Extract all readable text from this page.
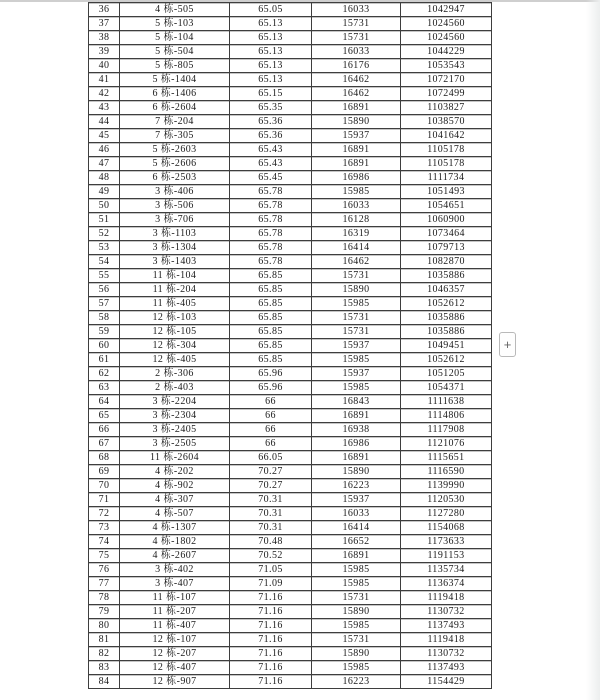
36	4 栋-505	65.05	16033	1042947
37	5 栋-103	65.13	15731	1024560
38	5 栋-104	65.13	15731	1024560
39	5 栋-504	65.13	16033	1044229
40	5 栋-805	65.13	16176	1053543
41	5 栋-1404	65.13	16462	1072170
42	6 栋-1406	65.15	16462	1072499
43	6 栋-2604	65.35	16891	1103827
44	7 栋-204	65.36	15890	1038570
45	7 栋-305	65.36	15937	1041642
46	5 栋-2603	65.43	16891	1105178
47	5 栋-2606	65.43	16891	1105178
48	6 栋-2503	65.45	16986	1111734
49	3 栋-406	65.78	15985	1051493
50	3 栋-506	65.78	16033	1054651
51	3 栋-706	65.78	16128	1060900
52	3 栋-1103	65.78	16319	1073464
53	3 栋-1304	65.78	16414	1079713
54	3 栋-1403	65.78	16462	1082870
55	11 栋-104	65.85	15731	1035886
56	11 栋-204	65.85	15890	1046357
57	11 栋-405	65.85	15985	1052612
58	12 栋-103	65.85	15731	1035886
59	12 栋-105	65.85	15731	1035886
60	12 栋-304	65.85	15937	1049451
61	12 栋-405	65.85	15985	1052612
62	2 栋-306	65.96	15937	1051205
63	2 栋-403	65.96	15985	1054371
64	3 栋-2204	66	16843	1111638
65	3 栋-2304	66	16891	1114806
66	3 栋-2405	66	16938	1117908
67	3 栋-2505	66	16986	1121076
68	11 栋-2604	66.05	16891	1115651
69	4 栋-202	70.27	15890	1116590
70	4 栋-902	70.27	16223	1139990
71	4 栋-307	70.31	15937	1120530
72	4 栋-507	70.31	16033	1127280
73	4 栋-1307	70.31	16414	1154068
74	4 栋-1802	70.48	16652	1173633
75	4 栋-2607	70.52	16891	1191153
76	3 栋-402	71.05	15985	1135734
77	3 栋-407	71.09	15985	1136374
78	11 栋-107	71.16	15731	1119418
79	11 栋-207	71.16	15890	1130732
80	11 栋-407	71.16	15985	1137493
81	12 栋-107	71.16	15731	1119418
82	12 栋-207	71.16	15890	1130732
83	12 栋-407	71.16	15985	1137493
84	12 栋-907	71.16	16223	1154429
+
